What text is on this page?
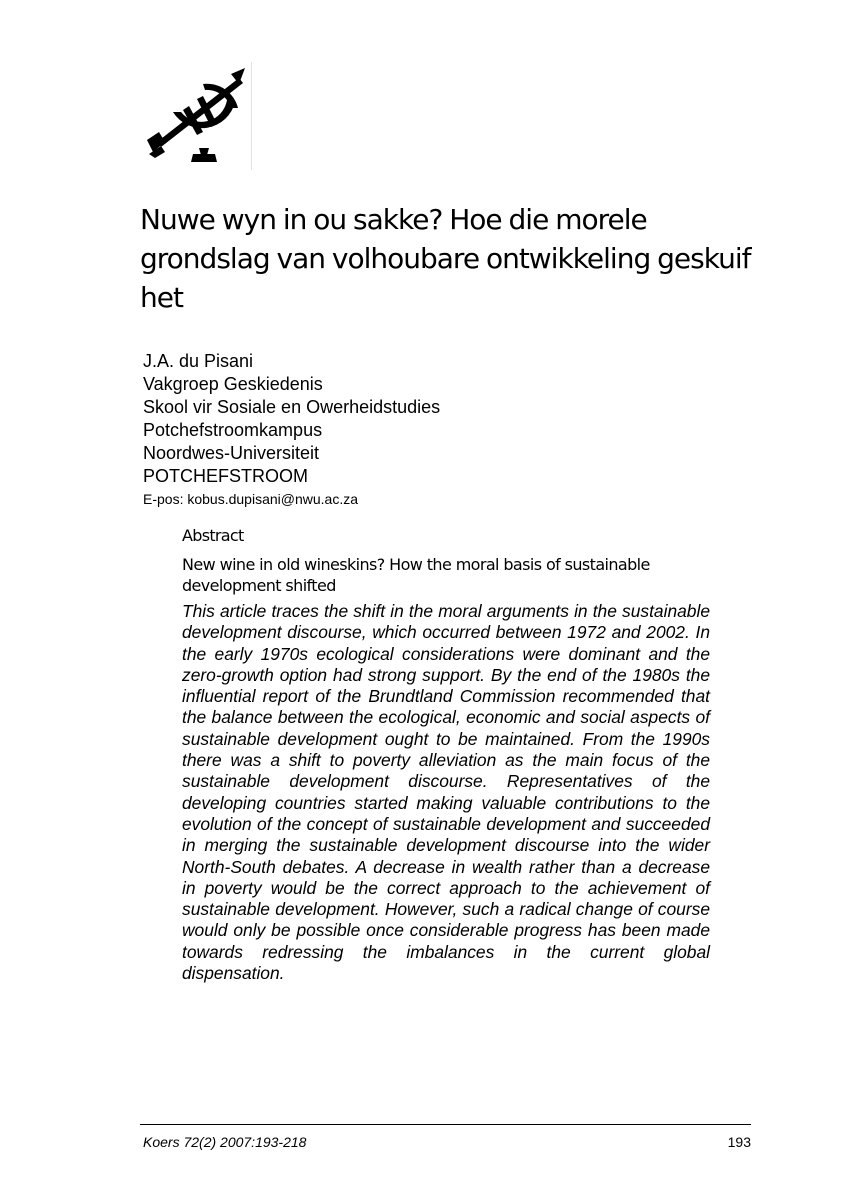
Nuwe wyn in ou sakke? Hoe die morele grondslag van volhoubare ontwikkeling geskuif het
J.A. du Pisani
Vakgroep Geskiedenis
Skool vir Sosiale en Owerheidstudies
Potchefstroomkampus
Noordwes-Universiteit
POTCHEFSTROOM
E-pos: kobus.dupisani@nwu.ac.za
Abstract
New wine in old wineskins? How the moral basis of sustainable development shifted

This article traces the shift in the moral arguments in the sustainable development discourse, which occurred between 1972 and 2002. In the early 1970s ecological considerations were dominant and the zero-growth option had strong support. By the end of the 1980s the influential report of the Brundtland Commission recommended that the balance between the ecological, economic and social aspects of sustainable development ought to be maintained. From the 1990s there was a shift to poverty alleviation as the main focus of the sustainable development discourse. Representatives of the developing countries started making valuable contributions to the evolution of the concept of sustainable development and succeeded in merging the sustainable development discourse into the wider North-South debates. A decrease in wealth rather than a decrease in poverty would be the correct approach to the achievement of sustainable development. However, such a radical change of course would only be possible once considerable progress has been made towards redressing the imbalances in the current global dispensation.

Koers 72(2) 2007:193-218	193
